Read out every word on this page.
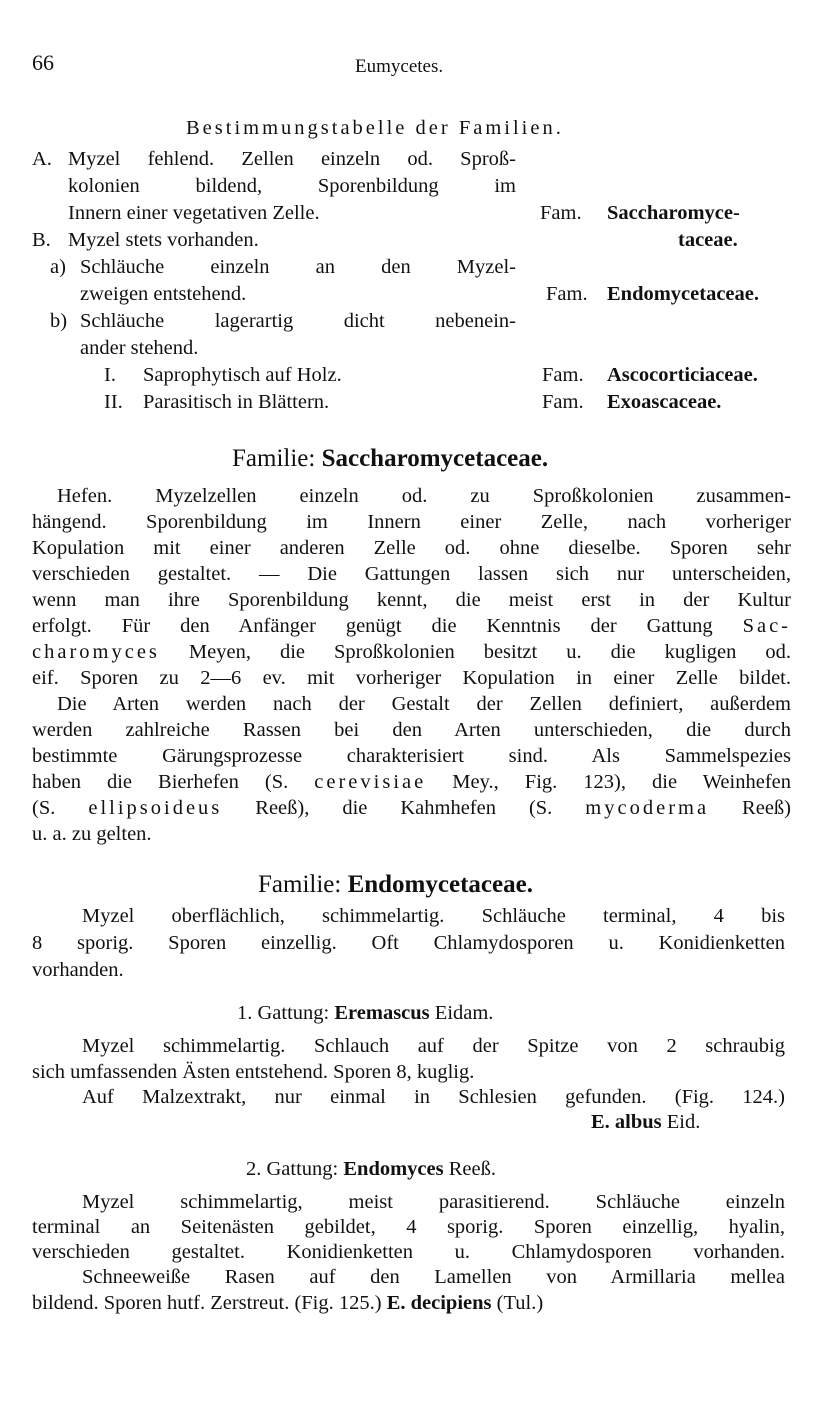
66	Eumycetes.
Bestimmungstabelle der Familien.
A. Myzel fehlend. Zellen einzeln od. Sproß-
kolonien bildend, Sporenbildung im
Innern einer vegetativen Zelle.	Fam. Saccharomyce-
B. Myzel stets vorhanden.	taceae.
a) Schläuche einzeln an den Myzel-
zweigen entstehend.	Fam. Endomycetaceae.
b) Schläuche lagerartig dicht nebenein-
ander stehend.
I. Saprophytisch auf Holz.	Fam. Ascocorticiaceae.
II. Parasitisch in Blättern.	Fam. Exoascaceae.
Familie: Saccharomycetaceae.
Hefen. Myzelzellen einzeln od. zu Sproßkolonien zusammen-
hängend. Sporenbildung im Innern einer Zelle, nach vorheriger
Kopulation mit einer anderen Zelle od. ohne dieselbe. Sporen sehr
verschieden gestaltet. — Die Gattungen lassen sich nur unterscheiden,
wenn man ihre Sporenbildung kennt, die meist erst in der Kultur
erfolgt. Für den Anfänger genügt die Kenntnis der Gattung Sac-
charomyces Meyen, die Sproßkolonien besitzt u. die kugligen od.
eif. Sporen zu 2—6 ev. mit vorheriger Kopulation in einer Zelle bildet.
Die Arten werden nach der Gestalt der Zellen definiert, außerdem
werden zahlreiche Rassen bei den Arten unterschieden, die durch
bestimmte Gärungsprozesse charakterisiert sind. Als Sammelspezies
haben die Bierhefen (S. cerevisiae Mey., Fig. 123), die Weinhefen
(S. ellipsoideus Reeß), die Kahmhefen (S. mycoderma Reeß)
u. a. zu gelten.
Familie: Endomycetaceae.
Myzel oberflächlich, schimmelartig. Schläuche terminal, 4 bis
8 sporig. Sporen einzellig. Oft Chlamydosporen u. Konidienketten
vorhanden.
1. Gattung: Eremascus Eidam.
Myzel schimmelartig. Schlauch auf der Spitze von 2 schraubig
sich umfassenden Ästen entstehend. Sporen 8, kuglig.
Auf Malzextrakt, nur einmal in Schlesien gefunden. (Fig. 124.)
E. albus Eid.
2. Gattung: Endomyces Reeß.
Myzel schimmelartig, meist parasitierend. Schläuche einzeln
terminal an Seitenästen gebildet, 4 sporig. Sporen einzellig, hyalin,
verschieden gestaltet. Konidienketten u. Chlamydosporen vorhanden.
Schneeweiße Rasen auf den Lamellen von Armillaria mellea
bildend. Sporen hutf. Zerstreut. (Fig. 125.) E. decipiens (Tul.)
